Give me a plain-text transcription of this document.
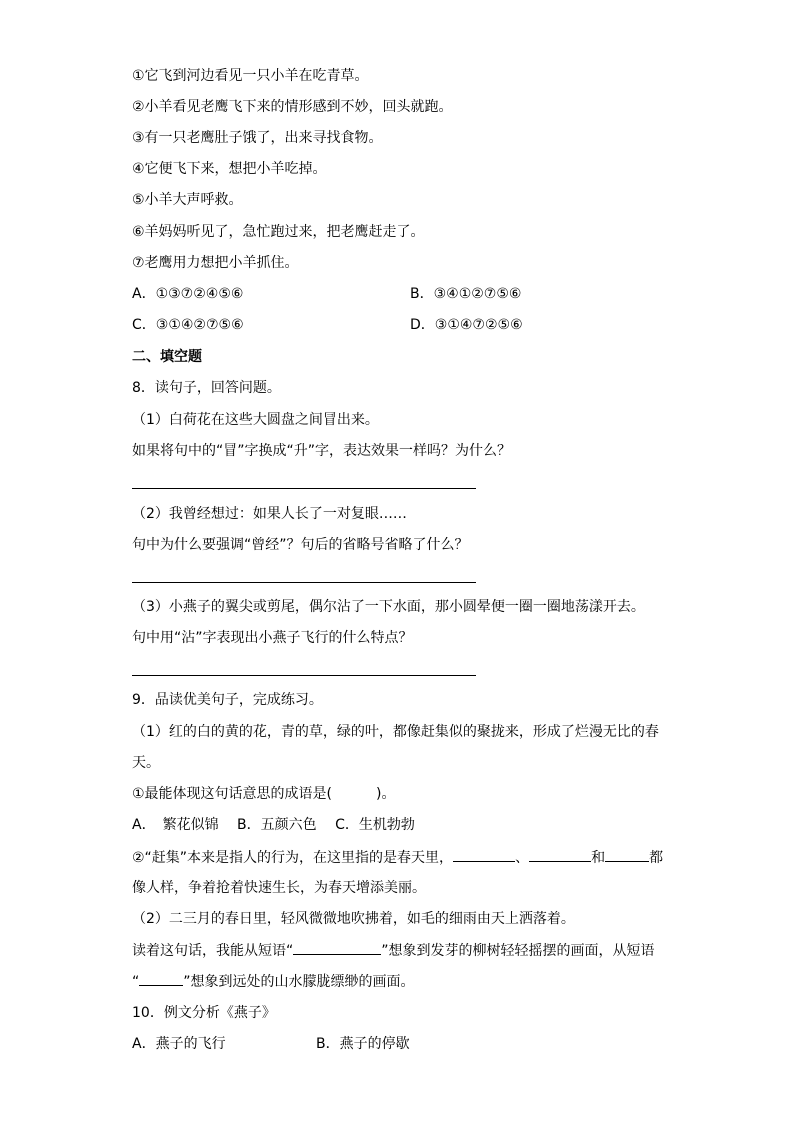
①它飞到河边看见一只小羊在吃青草。
②小羊看见老鹰飞下来的情形感到不妙，回头就跑。
③有一只老鹰肚子饿了，出来寻找食物。
④它便飞下来，想把小羊吃掉。
⑤小羊大声呼救。
⑥羊妈妈听见了，急忙跑过来，把老鹰赶走了。
⑦老鹰用力想把小羊抓住。
A．①③⑦②④⑤⑥	B．③④①②⑦⑤⑥
C．③①④②⑦⑤⑥	D．③①④⑦②⑤⑥
二、填空题
8．读句子，回答问题。
（1）白荷花在这些大圆盘之间冒出来。
如果将句中的“冒”字换成“升”字，表达效果一样吗？为什么？
（2）我曾经想过：如果人长了一对复眼……
句中为什么要强调“曾经”？句后的省略号省略了什么？
（3）小燕子的翼尖或剪尾，偶尔沾了一下水面，那小圆晕便一圈一圈地荡漾开去。
句中用“沾”字表现出小燕子飞行的什么特点？
9．品读优美句子，完成练习。
（1）红的白的黄的花，青的草，绿的叶，都像赶集似的聚拢来，形成了烂漫无比的春
天。
①最能体现这句话意思的成语是(	)。
A．　繁花似锦　 B．五颜六色　 C．生机勃勃
②“赶集”本来是指人的行为，在这里指的是春天里，	、	和	都
像人样，争着抢着快速生长，为春天增添美丽。
（2）二三月的春日里，轻风微微地吹拂着，如毛的细雨由天上洒落着。
读着这句话，我能从短语“	”想象到发芽的柳树轻轻摇摆的画面，从短语
“	”想象到远处的山水朦胧缥缈的画面。
10．例文分析《燕子》
A．燕子的飞行	B．燕子的停歇
